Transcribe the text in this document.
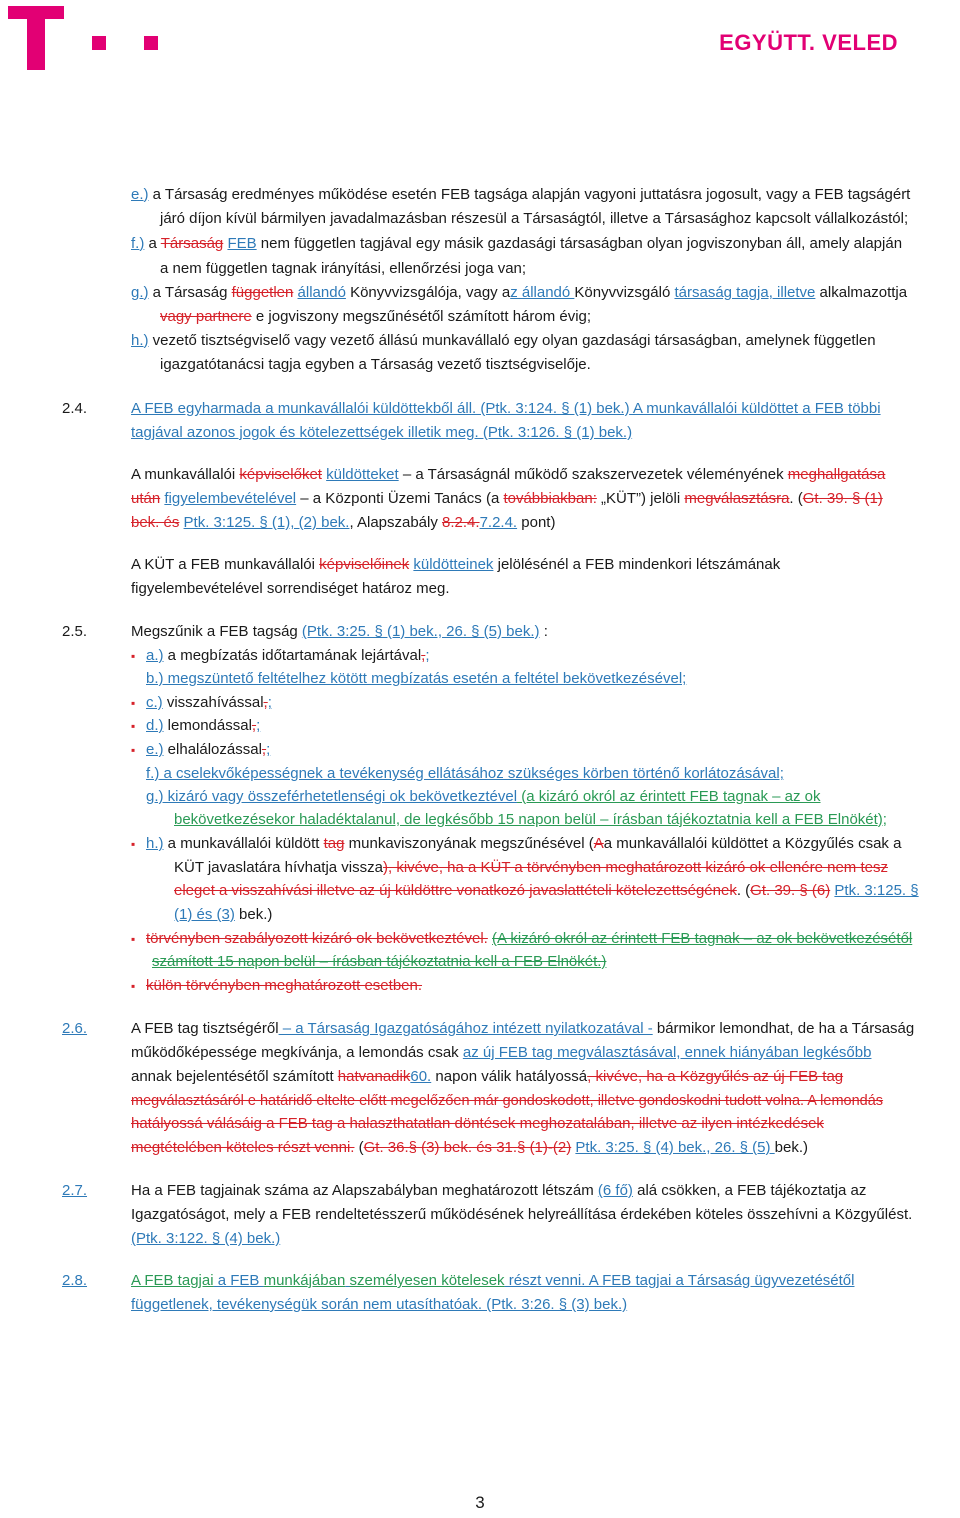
EGYÜTT. VELED
e.) a Társaság eredményes működése esetén FEB tagsága alapján vagyoni juttatásra jogosult, vagy a FEB tagságért
járó díjon kívül bármilyen javadalmazásban részesül a Társaságtól, illetve a Társasághoz kapcsolt vállalkozástól;
f.) a Társaság FEB nem független tagjával egy másik gazdasági társaságban olyan jogviszonyban áll, amely alapján
a nem független tagnak irányítási, ellenőrzési joga van;
g.) a Társaság független állandó Könyvvizsgálója, vagy az állandó Könyvvizsgáló társaság tagja, illetve alkalmazottja
vagy partnere e jogviszony megszűnésétől számított három évig;
h.) vezető tisztségviselő vagy vezető állású munkavállaló egy olyan gazdasági társaságban, amelynek független
igazgatótanácsi tagja egyben a Társaság vezető tisztségviselője.
2.4.	A FEB egyharmada a munkavállalói küldöttekből áll. (Ptk. 3:124. § (1) bek.) A munkavállalói küldöttet a FEB többi
tagjával azonos jogok és kötelezettségek illetik meg. (Ptk. 3:126. § (1) bek.)
A munkavállalói képviselőket küldötteket – a Társaságnál működő szakszervezetek véleményének meghallgatása
után figyelembevételével – a Központi Üzemi Tanács (a továbbiakban: „KÜT”) jelöli megválasztásra. (Gt. 39. § (1)
bek. és Ptk. 3:125. § (1), (2) bek., Alapszabály 8.2.4.7.2.4. pont)
A KÜT a FEB munkavállalói képviselőinek küldötteinek jelölésénél a FEB mindenkori létszámának
figyelembevételével sorrendiséget határoz meg.
2.5.	Megszűnik a FEB tagság (Ptk. 3:25. § (1) bek., 26. § (5) bek.) :
▪ a.) a megbízatás időtartamának lejártával,;
b.) megszüntető feltételhez kötött megbízatás esetén a feltétel bekövetkezésével;
▪ c.) visszahívással,;
▪ d.) lemondással,;
▪ e.) elhalálozással,;
f.) a cselekvőképességnek a tevékenység ellátásához szükséges körben történő korlátozásával;
g.) kizáró vagy összeférhetetlenségi ok bekövetkeztével (a kizáró okról az érintett FEB tagnak – az ok
bekövetkezésekor haladéktalanul, de legkésőbb 15 napon belül – írásban tájékoztatnia kell a FEB Elnökét);
▪ h.) a munkavállalói küldött tag munkaviszonyának megszűnésével (Aa munkavállalói küldöttet a Közgyűlés csak a
KÜT javaslatára hívhatja vissza), kivéve, ha a KÜT a törvényben meghatározott kizáró ok ellenére nem tesz
eleget a visszahívási illetve az új küldöttre vonatkozó javaslattételi kötelezettségének. (Gt. 39. § (6) Ptk. 3:125. §
(1) és (3) bek.)
▪ törvényben szabályozott kizáró ok bekövetkeztével. (A kizáró okról az érintett FEB tagnak – az ok bekövetkezésétől
számított 15 napon belül – írásban tájékoztatnia kell a FEB Elnökét.)
▪ külön törvényben meghatározott esetben.
2.6.	A FEB tag tisztségéről – a Társaság Igazgatóságához intézett nyilatkozatával - bármikor lemondhat, de ha a Társaság
működőképessége megkívánja, a lemondás csak az új FEB tag megválasztásával, ennek hiányában legkésőbb
annak bejelentésétől számított hatvanadik60. napon válik hatályossá, kivéve, ha a Közgyűlés az új FEB tag
megválasztásáról e határidő eltelte előtt megelőzően már gondoskodott, illetve gondoskodni tudott volna. A lemondás
hatályossá válásáig a FEB tag a halaszthatatlan döntések meghozatalában, illetve az ilyen intézkedések
megtételében köteles részt venni. (Gt. 36.§ (3) bek. és 31.§ (1)-(2) Ptk. 3:25. § (4) bek., 26. § (5) bek.)
2.7.	Ha a FEB tagjainak száma az Alapszabályban meghatározott létszám (6 fő) alá csökken, a FEB tájékoztatja az
Igazgatóságot, mely a FEB rendeltetésszerű működésének helyreállítása érdekében köteles összehívni a Közgyűlést.
(Ptk. 3:122. § (4) bek.)
2.8.	A FEB tagjai a FEB munkájában személyesen kötelesek részt venni. A FEB tagjai a Társaság ügyvezetésétől
függetlenek, tevékenységük során nem utasíthatóak. (Ptk. 3:26. § (3) bek.)
3
